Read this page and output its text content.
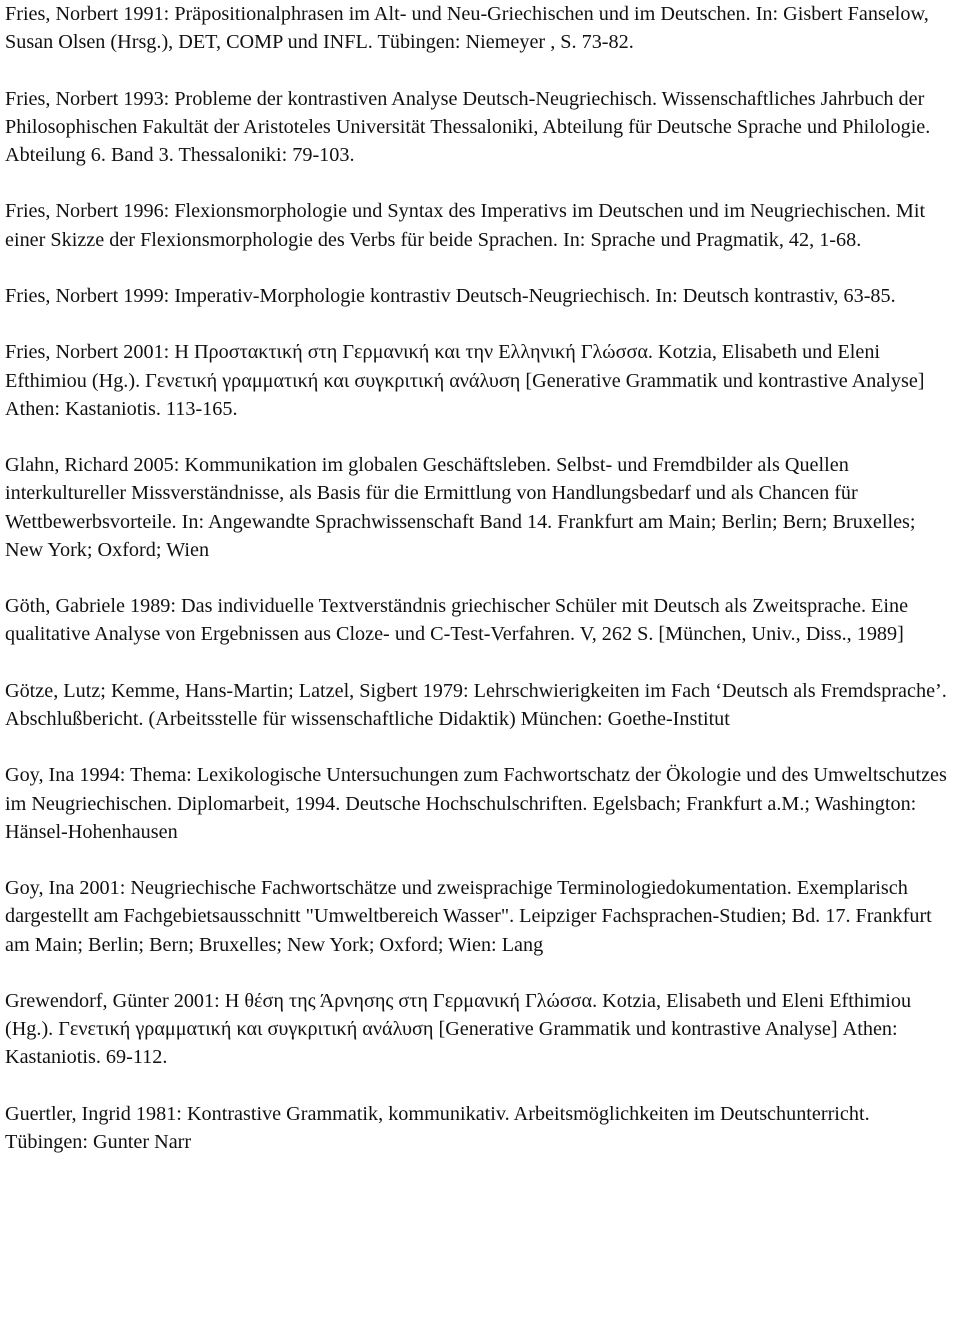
Fries, Norbert 1991: Präpositionalphrasen im Alt- und Neu-Griechischen und im Deutschen. In: Gisbert Fanselow, Susan Olsen (Hrsg.), DET, COMP und INFL. Tübingen: Niemeyer , S. 73-82.

Fries, Norbert 1993: Probleme der kontrastiven Analyse Deutsch-Neugriechisch. Wissenschaftliches Jahrbuch der Philosophischen Fakultät der Aristoteles Universität Thessaloniki, Abteilung für Deutsche Sprache und Philologie. Abteilung 6. Band 3. Thessaloniki: 79-103.

Fries, Norbert 1996: Flexionsmorphologie und Syntax des Imperativs im Deutschen und im Neugriechischen. Mit einer Skizze der Flexionsmorphologie des Verbs für beide Sprachen. In: Sprache und Pragmatik, 42, 1-68.

Fries, Norbert 1999: Imperativ-Morphologie kontrastiv Deutsch-Neugriechisch. In: Deutsch kontrastiv, 63-85.

Fries, Norbert 2001: Η Προστακτική στη Γερμανική και την Ελληνική Γλώσσα. Kotzia, Elisabeth und Eleni Efthimiou (Hg.). Γενετική γραμματική και συγκριτική ανάλυση [Generative Grammatik und kontrastive Analyse] Athen: Kastaniotis. 113-165.

Glahn, Richard 2005: Kommunikation im globalen Geschäftsleben. Selbst- und Fremdbilder als Quellen interkultureller Missverständnisse, als Basis für die Ermittlung von Handlungsbedarf und als Chancen für Wettbewerbsvorteile. In: Angewandte Sprachwissenschaft Band 14. Frankfurt am Main; Berlin; Bern; Bruxelles; New York; Oxford; Wien

Göth, Gabriele 1989: Das individuelle Textverständnis griechischer Schüler mit Deutsch als Zweitsprache. Eine qualitative Analyse von Ergebnissen aus Cloze- und C-Test-Verfahren. V, 262 S. [München, Univ., Diss., 1989]

Götze, Lutz; Kemme, Hans-Martin; Latzel, Sigbert 1979: Lehrschwierigkeiten im Fach ‘Deutsch als Fremdsprache’. Abschlußbericht. (Arbeitsstelle für wissenschaftliche Didaktik) München: Goethe-Institut

Goy, Ina 1994: Thema: Lexikologische Untersuchungen zum Fachwortschatz der Ökologie und des Umweltschutzes im Neugriechischen. Diplomarbeit, 1994. Deutsche Hochschulschriften. Egelsbach; Frankfurt a.M.; Washington: Hänsel-Hohenhausen

Goy, Ina 2001: Neugriechische Fachwortschätze und zweisprachige Terminologiedokumentation. Exemplarisch dargestellt am Fachgebietsausschnitt "Umweltbereich Wasser". Leipziger Fachsprachen-Studien; Bd. 17. Frankfurt am Main; Berlin; Bern; Bruxelles; New York; Oxford; Wien: Lang

Grewendorf, Günter 2001: Η θέση της Άρνησης στη Γερμανική Γλώσσα. Kotzia, Elisabeth und Eleni Efthimiou (Hg.). Γενετική γραμματική και συγκριτική ανάλυση [Generative Grammatik und kontrastive Analyse] Athen: Kastaniotis. 69-112.

Guertler, Ingrid 1981: Kontrastive Grammatik, kommunikativ. Arbeitsmöglichkeiten im Deutschunterricht. Tübingen: Gunter Narr
